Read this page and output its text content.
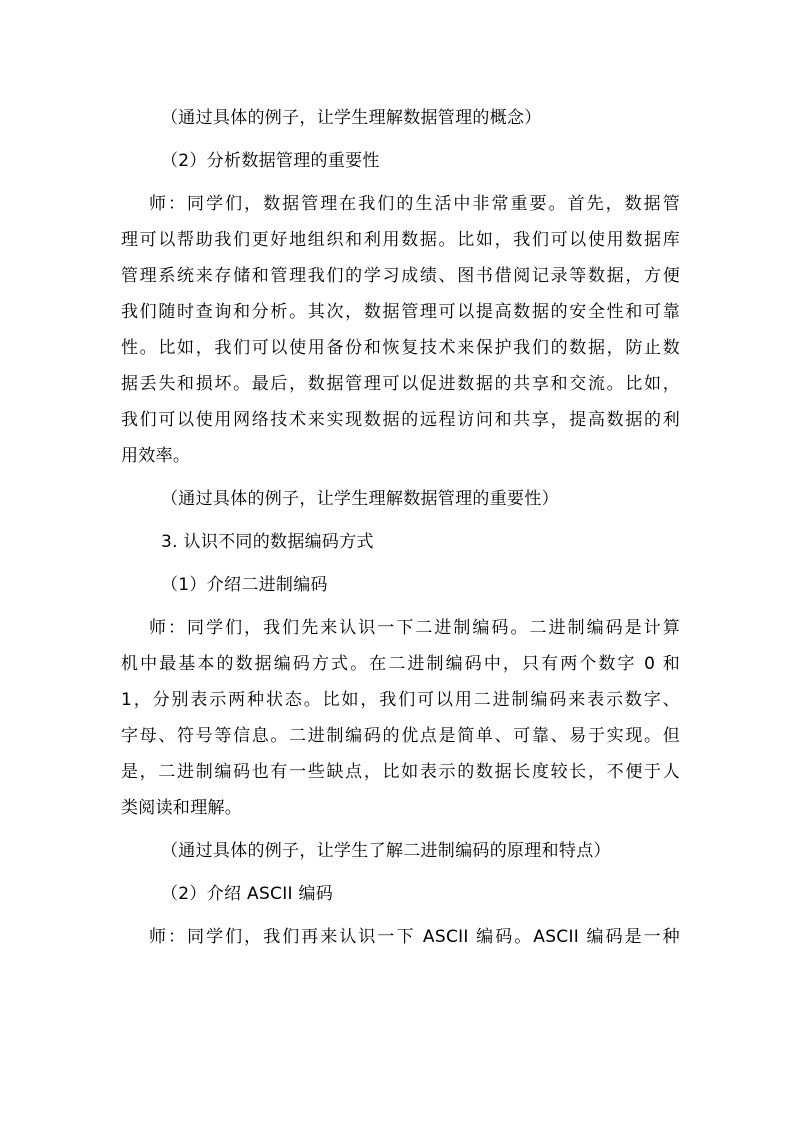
（通过具体的例子，让学生理解数据管理的概念）
（2）分析数据管理的重要性
师：同学们，数据管理在我们的生活中非常重要。首先，数据管
理可以帮助我们更好地组织和利用数据。比如，我们可以使用数据库
管理系统来存储和管理我们的学习成绩、图书借阅记录等数据，方便
我们随时查询和分析。其次，数据管理可以提高数据的安全性和可靠
性。比如，我们可以使用备份和恢复技术来保护我们的数据，防止数
据丢失和损坏。最后，数据管理可以促进数据的共享和交流。比如，
我们可以使用网络技术来实现数据的远程访问和共享，提高数据的利
用效率。
（通过具体的例子，让学生理解数据管理的重要性）
3. 认识不同的数据编码方式
（1）介绍二进制编码
师：同学们，我们先来认识一下二进制编码。二进制编码是计算
机中最基本的数据编码方式。在二进制编码中，只有两个数字 0 和
1，分别表示两种状态。比如，我们可以用二进制编码来表示数字、
字母、符号等信息。二进制编码的优点是简单、可靠、易于实现。但
是，二进制编码也有一些缺点，比如表示的数据长度较长，不便于人
类阅读和理解。
（通过具体的例子，让学生了解二进制编码的原理和特点）
（2）介绍 ASCII 编码
师：同学们，我们再来认识一下 ASCII 编码。ASCII 编码是一种
